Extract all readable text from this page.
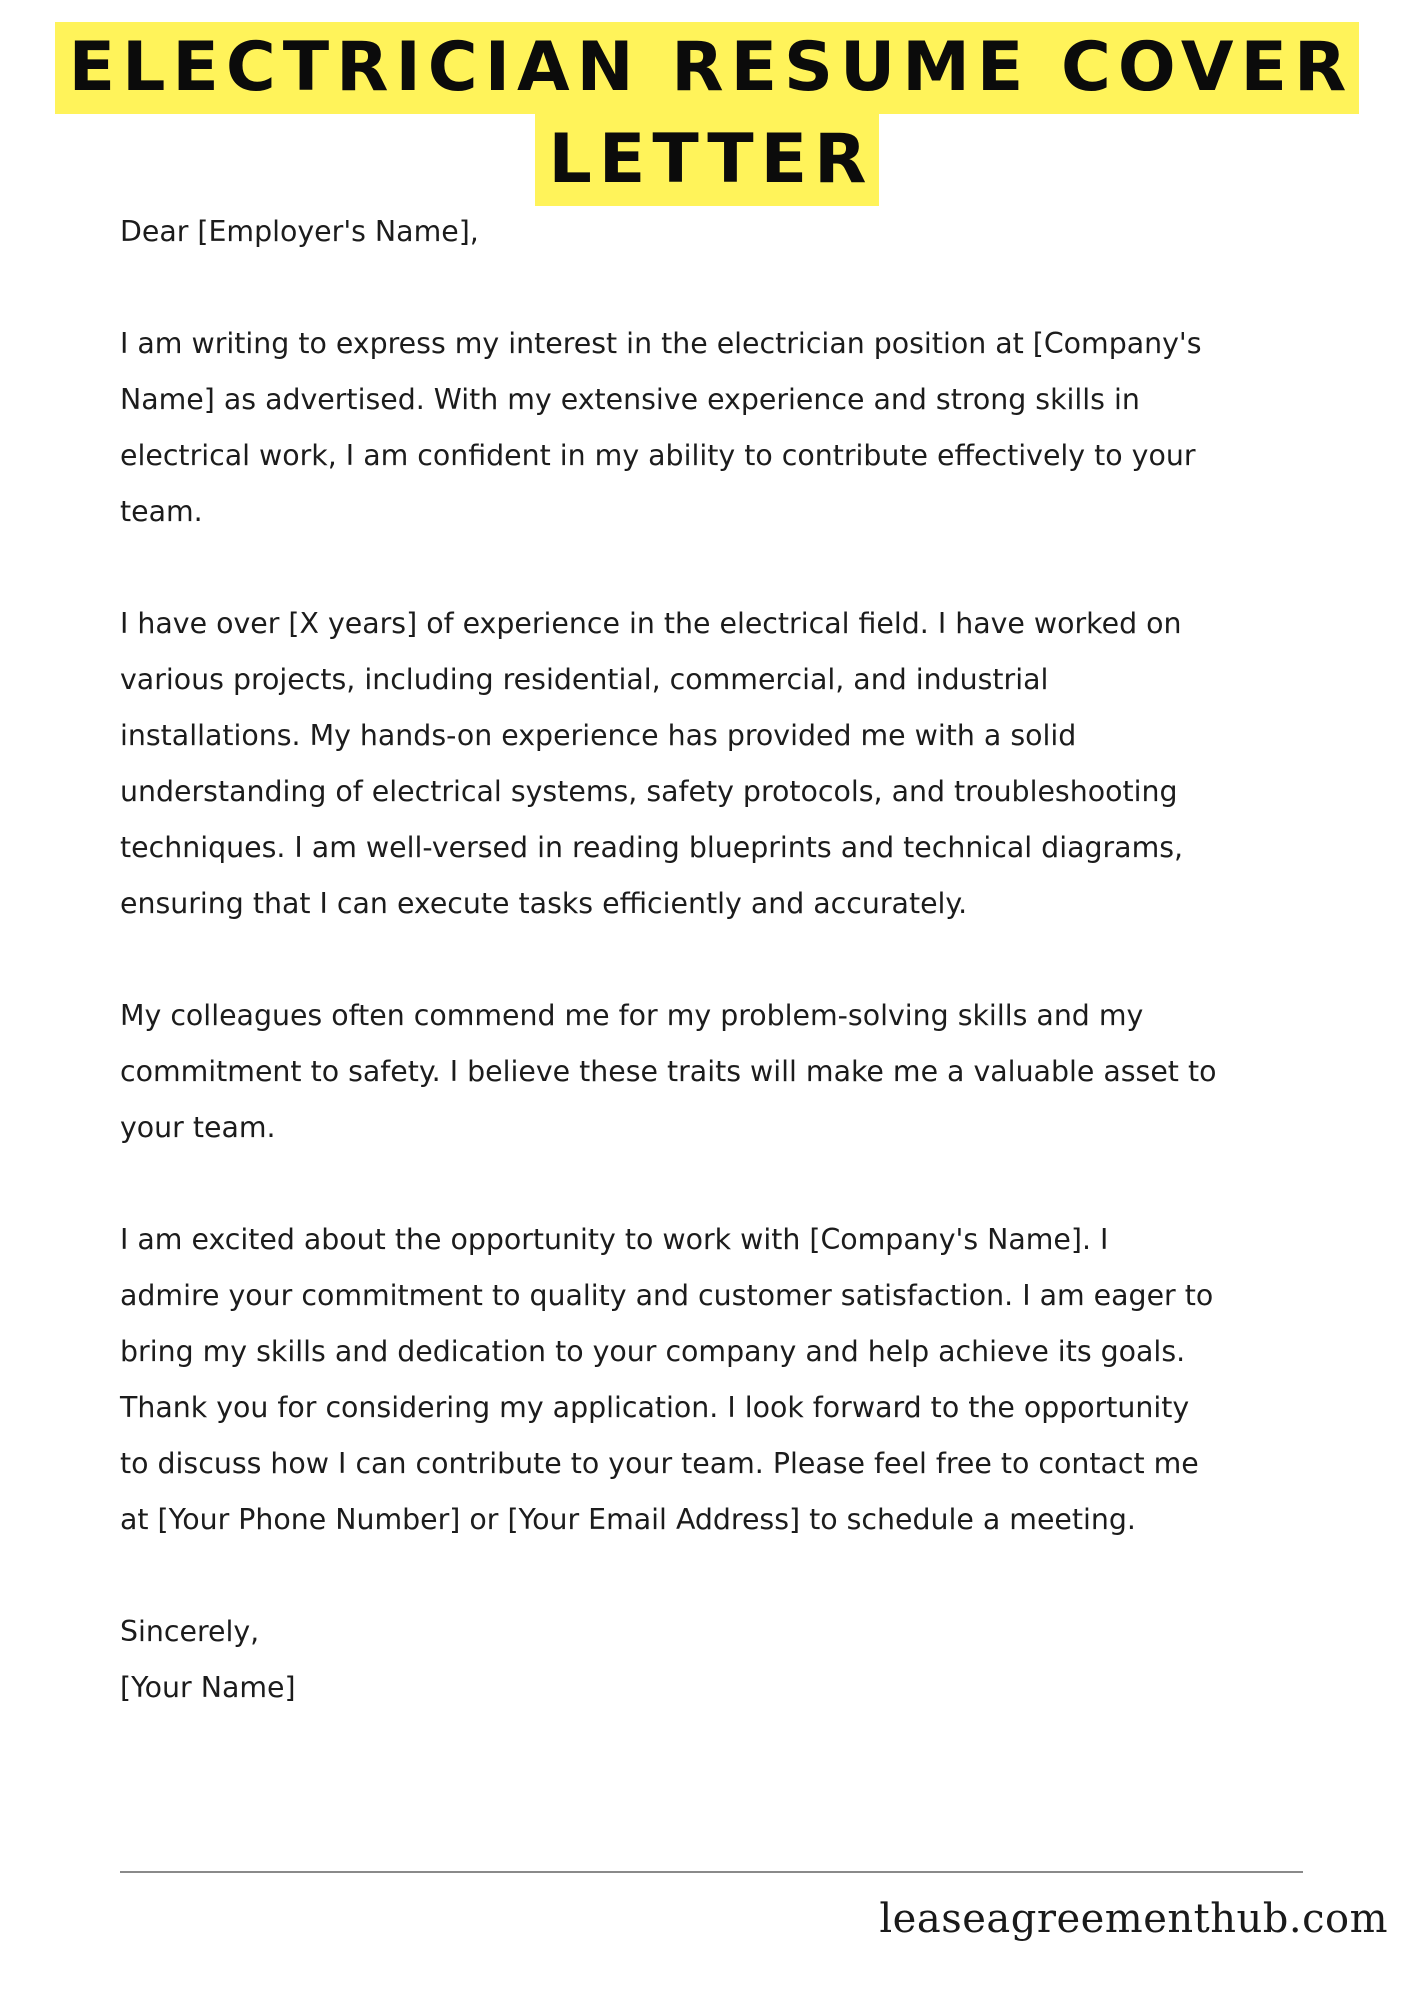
ELECTRICIAN RESUME COVER
LETTER

Dear [Employer's Name],

I am writing to express my interest in the electrician position at [Company's
Name] as advertised. With my extensive experience and strong skills in
electrical work, I am confident in my ability to contribute effectively to your
team.

I have over [X years] of experience in the electrical field. I have worked on
various projects, including residential, commercial, and industrial
installations. My hands-on experience has provided me with a solid
understanding of electrical systems, safety protocols, and troubleshooting
techniques. I am well-versed in reading blueprints and technical diagrams,
ensuring that I can execute tasks efficiently and accurately.

My colleagues often commend me for my problem-solving skills and my
commitment to safety. I believe these traits will make me a valuable asset to
your team.

I am excited about the opportunity to work with [Company's Name]. I
admire your commitment to quality and customer satisfaction. I am eager to
bring my skills and dedication to your company and help achieve its goals.
Thank you for considering my application. I look forward to the opportunity
to discuss how I can contribute to your team. Please feel free to contact me
at [Your Phone Number] or [Your Email Address] to schedule a meeting.

Sincerely,
[Your Name]

leaseagreementhub.com
